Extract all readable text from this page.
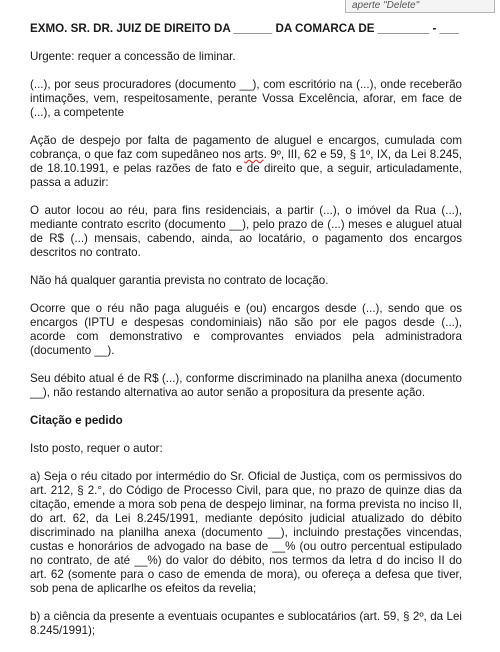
aperte "Delete"
EXMO. SR. DR. JUIZ DE DIREITO DA ______ DA COMARCA DE ________ - ___
Urgente: requer a concessão de liminar.
(...), por seus procuradores (documento __), com escritório na (...), onde receberão intimações, vem, respeitosamente, perante Vossa Excelência, aforar, em face de (...), a competente
Ação de despejo por falta de pagamento de aluguel e encargos, cumulada com cobrança, o que faz com supedâneo nos arts. 9º, III, 62 e 59, § 1º, IX, da Lei 8.245, de 18.10.1991, e pelas razões de fato e de direito que, a seguir, articuladamente, passa a aduzir:
O autor locou ao réu, para fins residenciais, a partir (...), o imóvel da Rua (...), mediante contrato escrito (documento __), pelo prazo de (...) meses e aluguel atual de R$ (...) mensais, cabendo, ainda, ao locatário, o pagamento dos encargos descritos no contrato.
Não há qualquer garantia prevista no contrato de locação.
Ocorre que o réu não paga aluguéis e (ou) encargos desde (...), sendo que os encargos (IPTU e despesas condominiais) não são por ele pagos desde (...), acorde com demonstrativo e comprovantes enviados pela administradora (documento __).
Seu débito atual é de R$ (...), conforme discriminado na planilha anexa (documento __), não restando alternativa ao autor senão a propositura da presente ação.
Citação e pedido
Isto posto, requer o autor:
a) Seja o réu citado por intermédio do Sr. Oficial de Justiça, com os permissivos do art. 212, § 2.°, do Código de Processo Civil, para que, no prazo de quinze dias da citação, emende a mora sob pena de despejo liminar, na forma prevista no inciso II, do art. 62, da Lei 8.245/1991, mediante depósito judicial atualizado do débito discriminado na planilha anexa (documento __), incluindo prestações vincendas, custas e honorários de advogado na base de __% (ou outro percentual estipulado no contrato, de até __%) do valor do débito, nos termos da letra d do inciso II do art. 62 (somente para o caso de emenda de mora), ou ofereça a defesa que tiver, sob pena de aplicarlhe os efeitos da revelia;
b) a ciência da presente a eventuais ocupantes e sublocatários (art. 59, § 2º, da Lei 8.245/1991);
